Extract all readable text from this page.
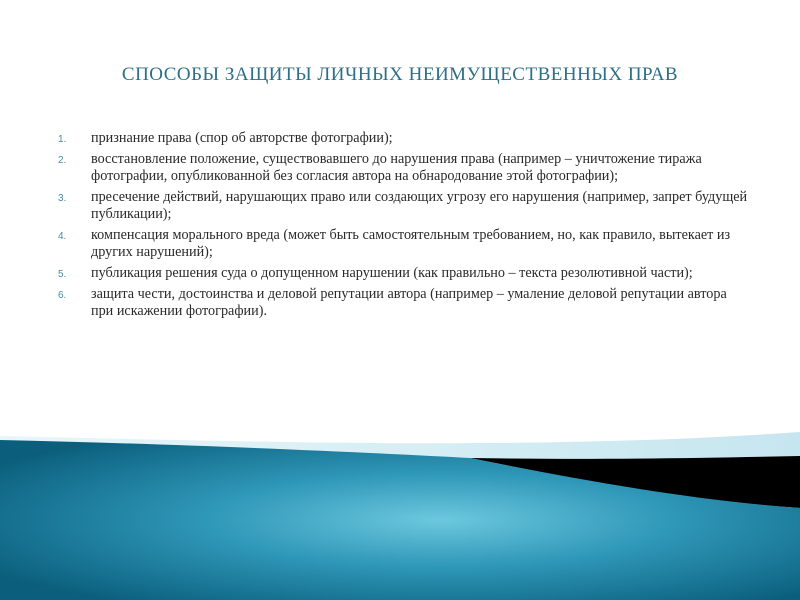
СПОСОБЫ ЗАЩИТЫ ЛИЧНЫХ НЕИМУЩЕСТВЕННЫХ ПРАВ
1. признание права (спор об авторстве фотографии);
2. восстановление положение, существовавшего до нарушения права (например – уничтожение тиража фотографии, опубликованной без согласия автора на обнародование этой фотографии);
3. пресечение действий, нарушающих право или создающих угрозу его нарушения (например, запрет будущей публикации);
4. компенсация морального вреда (может быть самостоятельным требованием, но, как правило, вытекает из других нарушений);
5. публикация решения суда о допущенном нарушении (как правильно – текста резолютивной части);
6. защита чести, достоинства и деловой репутации автора (например – умаление деловой репутации автора при искажении фотографии).
